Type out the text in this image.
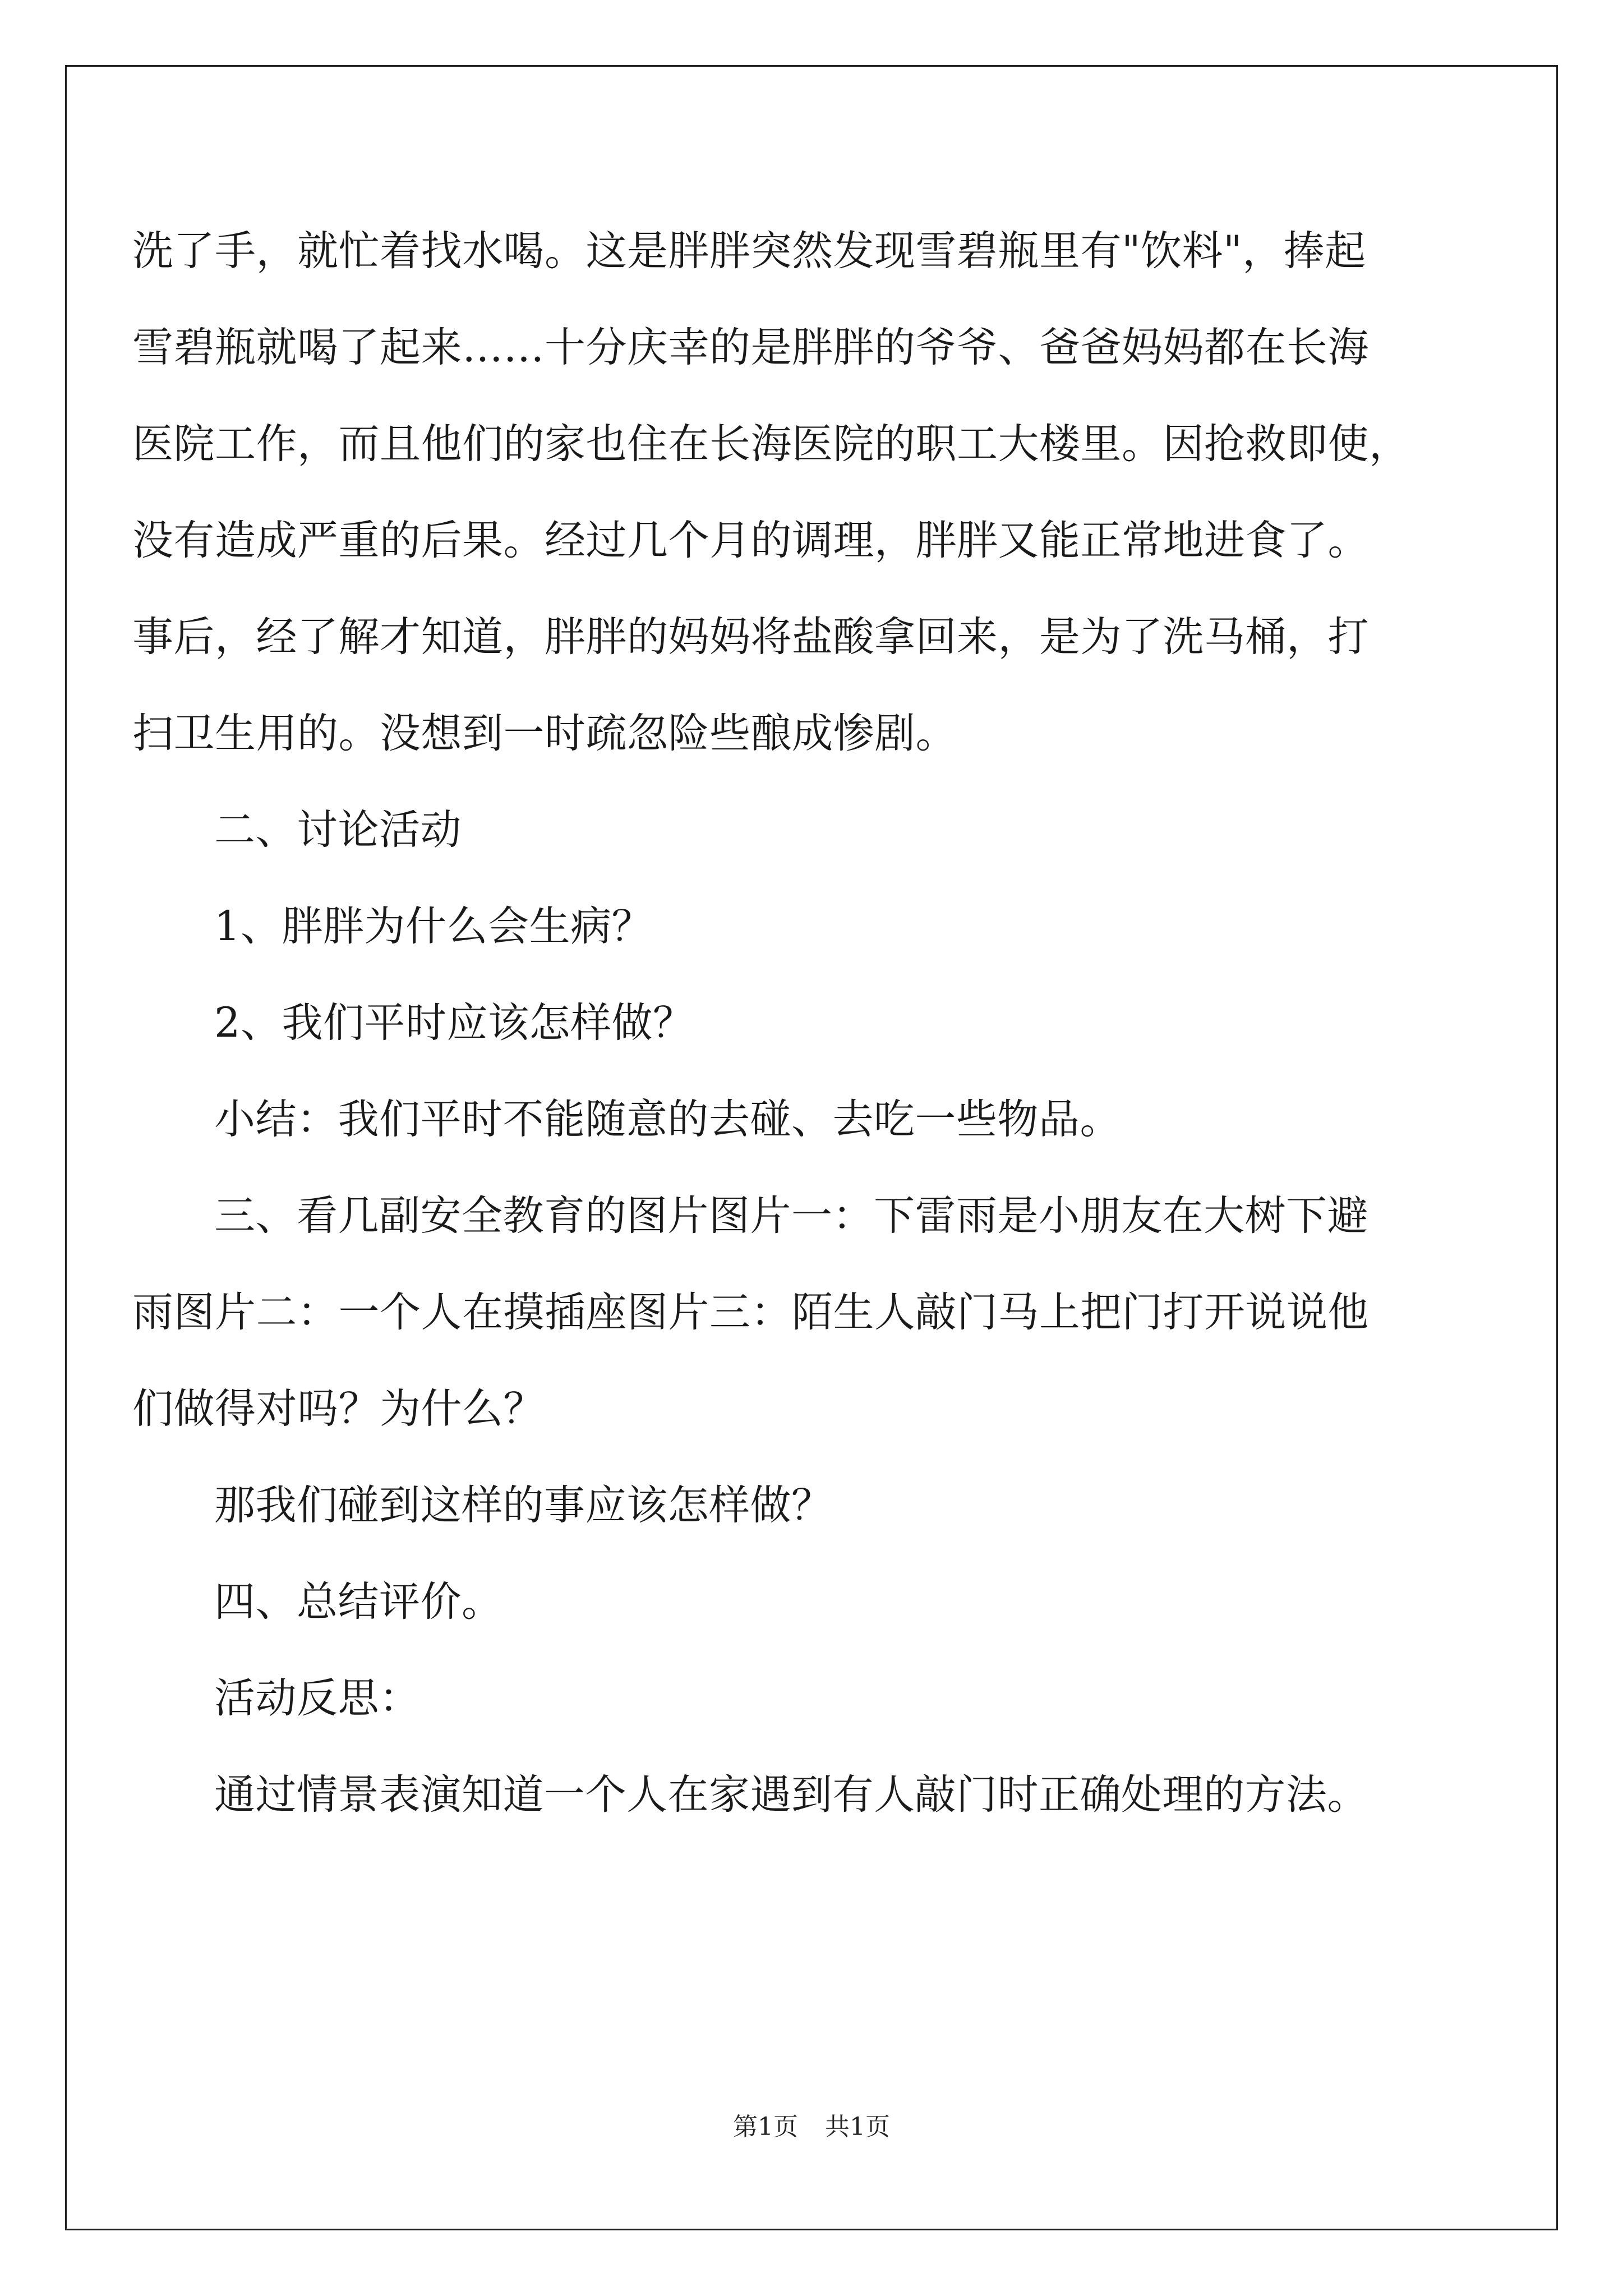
洗了手，就忙着找水喝。这是胖胖突然发现雪碧瓶里有"饮料"，捧起
雪碧瓶就喝了起来……十分庆幸的是胖胖的爷爷、爸爸妈妈都在长海
医院工作，而且他们的家也住在长海医院的职工大楼里。因抢救即使，
没有造成严重的后果。经过几个月的调理，胖胖又能正常地进食了。
事后，经了解才知道，胖胖的妈妈将盐酸拿回来，是为了洗马桶，打
扫卫生用的。没想到一时疏忽险些酿成惨剧。
二、讨论活动
1、胖胖为什么会生病？
2、我们平时应该怎样做？
小结：我们平时不能随意的去碰、去吃一些物品。
三、看几副安全教育的图片图片一：下雷雨是小朋友在大树下避
雨图片二：一个人在摸插座图片三：陌生人敲门马上把门打开说说他
们做得对吗？为什么？
那我们碰到这样的事应该怎样做？
四、总结评价。
活动反思：
通过情景表演知道一个人在家遇到有人敲门时正确处理的方法。
第1页 共1页
